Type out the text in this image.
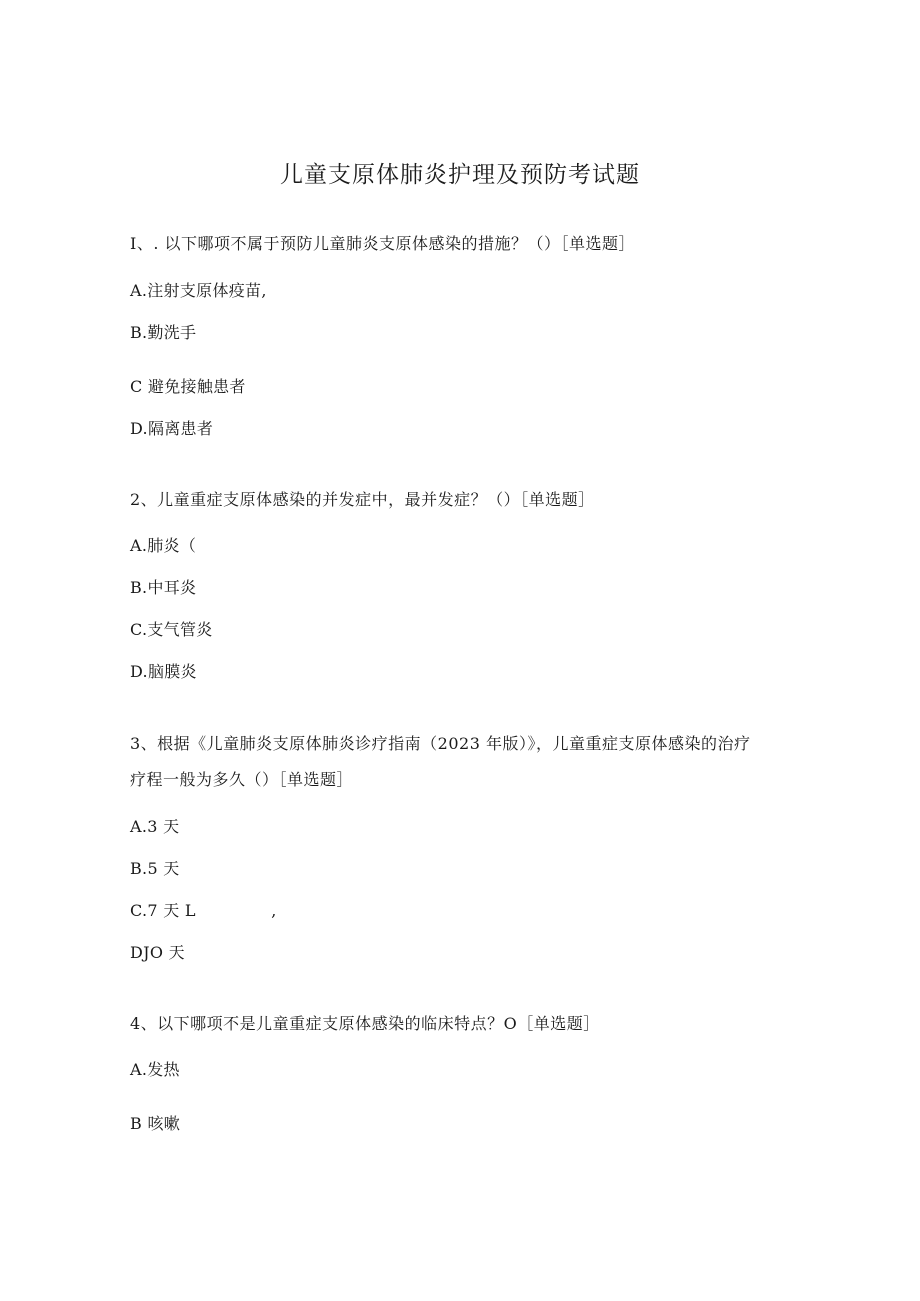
儿童支原体肺炎护理及预防考试题
I、. 以下哪项不属于预防儿童肺炎支原体感染的措施？（）［单选题］
A.注射支原体疫苗,
B.勤洗手
C 避免接触患者
D.隔离患者
2、儿童重症支原体感染的并发症中，最并发症？（）［单选题］
A.肺炎（
B.中耳炎
C.支气管炎
D.脑膜炎
3、根据《儿童肺炎支原体肺炎诊疗指南（2023 年版）》，儿童重症支原体感染的治疗
疗程一般为多久（）［单选题］
A.3 天
B.5 天
C.7 天 L              ,
DJO 天
4、以下哪项不是儿童重症支原体感染的临床特点？O［单选题］
A.发热
B 咳嗽
